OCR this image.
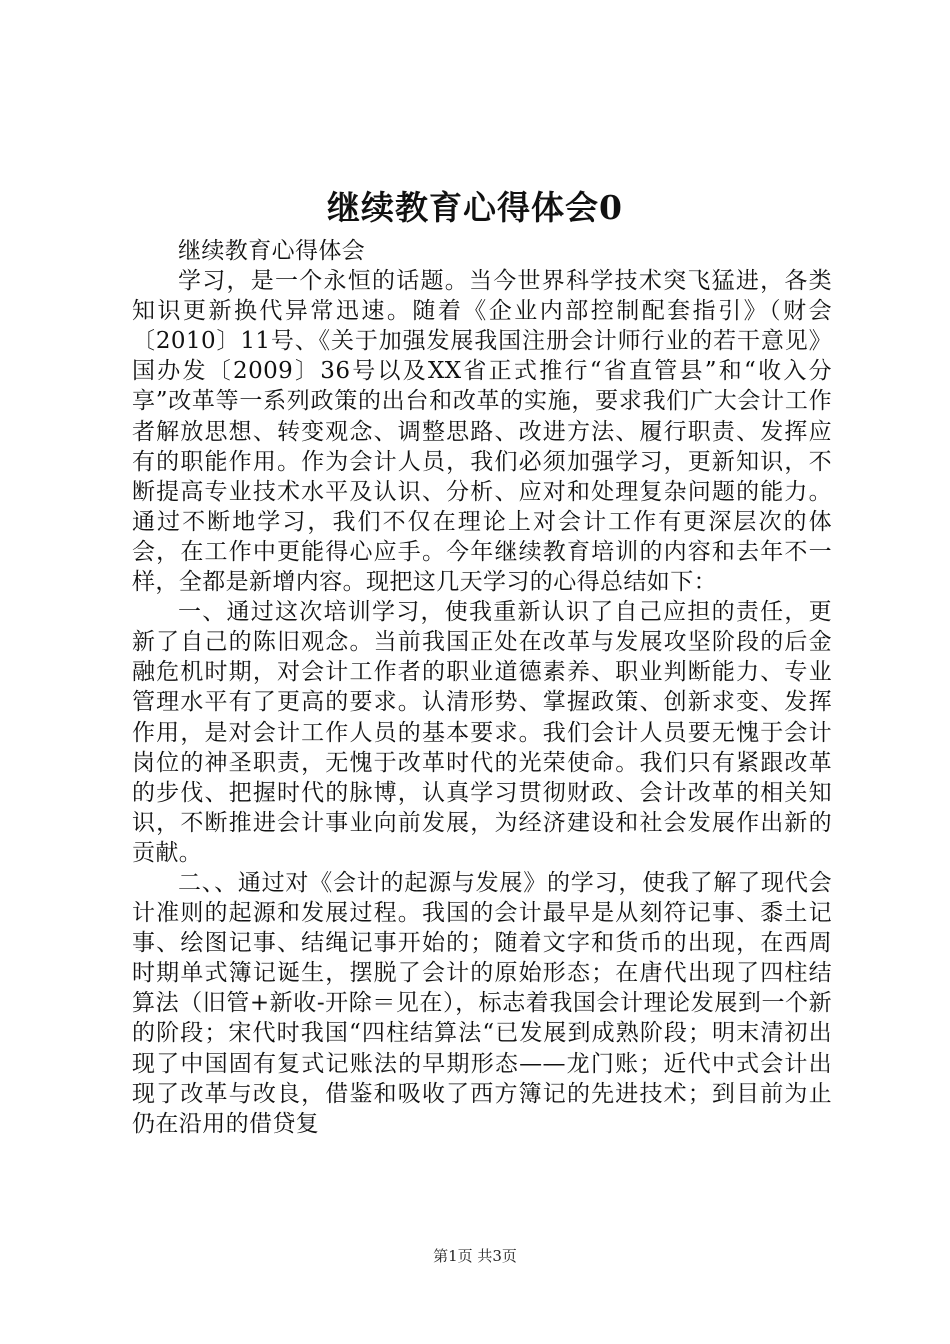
继续教育心得体会0

继续教育心得体会

学习，是一个永恒的话题。当今世界科学技术突飞猛进，各类知识更新换代异常迅速。随着《企业内部控制配套指引》（财会〔2010〕11号、《关于加强发展我国注册会计师行业的若干意见》国办发〔2009〕36号以及XX省正式推行“省直管县”和“收入分享”改革等一系列政策的出台和改革的实施，要求我们广大会计工作者解放思想、转变观念、调整思路、改进方法、履行职责、发挥应有的职能作用。作为会计人员，我们必须加强学习，更新知识，不断提高专业技术水平及认识、分析、应对和处理复杂问题的能力。通过不断地学习，我们不仅在理论上对会计工作有更深层次的体会，在工作中更能得心应手。今年继续教育培训的内容和去年不一样，全都是新增内容。现把这几天学习的心得总结如下：

一、通过这次培训学习，使我重新认识了自己应担的责任，更新了自己的陈旧观念。当前我国正处在改革与发展攻坚阶段的后金融危机时期，对会计工作者的职业道德素养、职业判断能力、专业管理水平有了更高的要求。认清形势、掌握政策、创新求变、发挥作用，是对会计工作人员的基本要求。我们会计人员要无愧于会计岗位的神圣职责，无愧于改革时代的光荣使命。我们只有紧跟改革的步伐、把握时代的脉博，认真学习贯彻财政、会计改革的相关知识，不断推进会计事业向前发展，为经济建设和社会发展作出新的贡献。

二、、通过对《会计的起源与发展》的学习，使我了解了现代会计准则的起源和发展过程。我国的会计最早是从刻符记事、黍土记事、绘图记事、结绳记事开始的；随着文字和货币的出现，在西周时期单式簿记诞生，摆脱了会计的原始形态；在唐代出现了四柱结算法（旧管+新收-开除＝见在），标志着我国会计理论发展到一个新的阶段；宋代时我国“四柱结算法“已发展到成熟阶段；明末清初出现了中国固有复式记账法的早期形态——龙门账；近代中式会计出现了改革与改良，借鉴和吸收了西方簿记的先进技术；到目前为止仍在沿用的借贷复

第1页 共3页
